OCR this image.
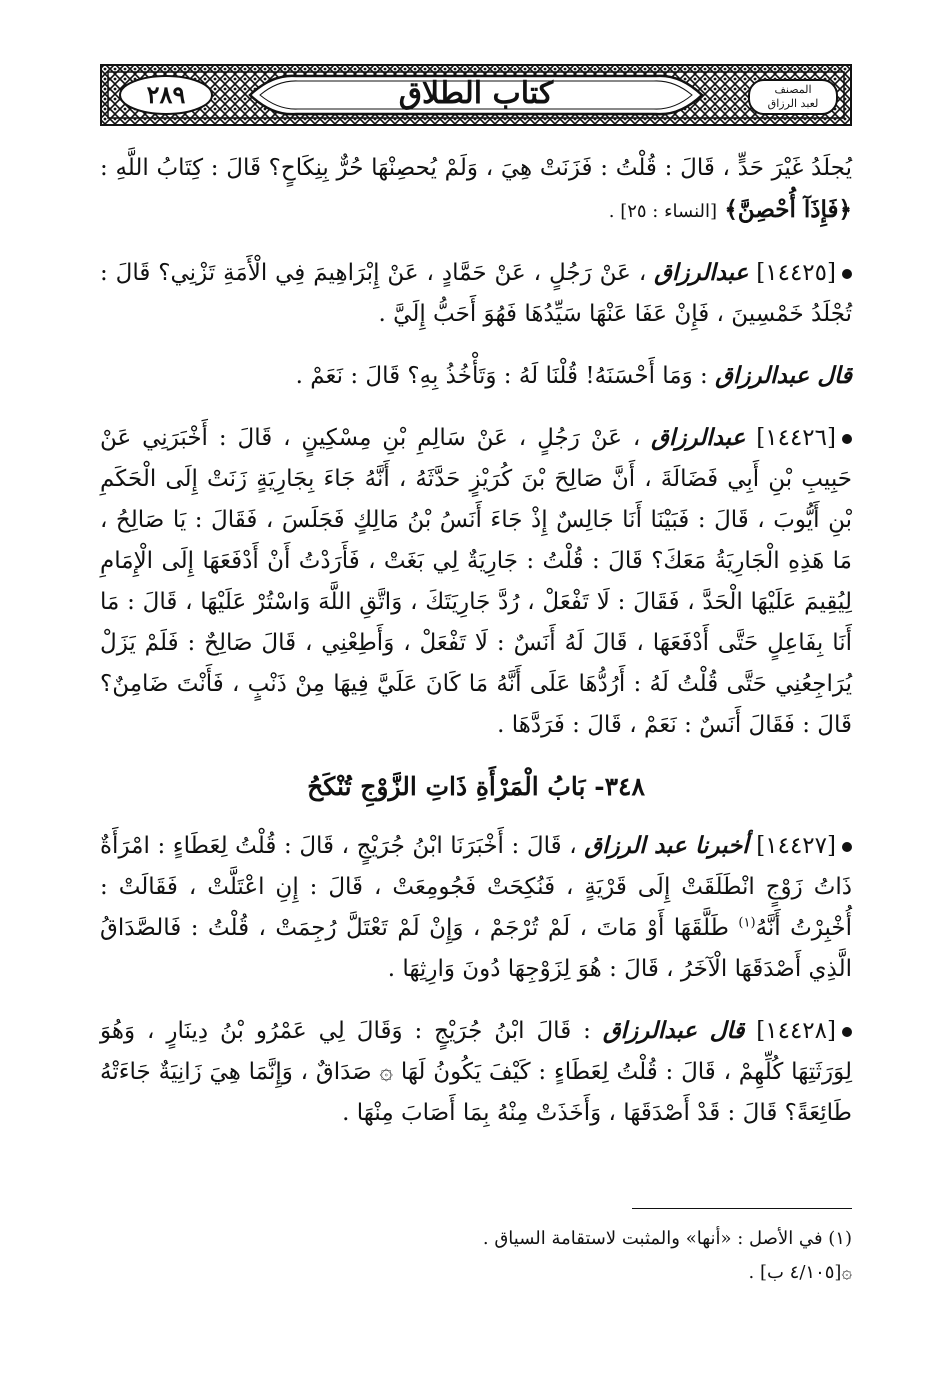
٢٨٩	كتاب الطلاق	المصنف
لعبد الرزاق

يُجلَدُ غَيْرَ حَدٍّ ، قَالَ : قُلْتُ : فَزَنَتْ هِيَ ، وَلَمْ يُحصِنْهَا حُرٌّ بِنِكَاحٍ؟ قَالَ : كِتَابُ اللَّهِ : ﴿فَإِذَآ أُحْصِنَّ﴾ [النساء : ٢٥] .

[١٤٤٢٥] عبدالرزاق ، عَنْ رَجُلٍ ، عَنْ حَمَّادٍ ، عَنْ إِبْرَاهِيمَ فِي الْأَمَةِ تَزْنِي؟ قَالَ : تُجْلَدُ خَمْسِينَ ، فَإِنْ عَفَا عَنْهَا سَيِّدُهَا فَهُوَ أَحَبُّ إِلَيَّ .

قال عبدالرزاق : وَمَا أَحْسَنَهُ! قُلْنَا لَهُ : وَتَأْخُذُ بِهِ؟ قَالَ : نَعَمْ .

[١٤٤٢٦] عبدالرزاق ، عَنْ رَجُلٍ ، عَنْ سَالِمِ بْنِ مِسْكِينٍ ، قَالَ : أَخْبَرَنِي عَنْ حَبِيبِ بْنِ أَبِي فَضَالَةَ ، أَنَّ صَالِحَ بْنَ كُرَيْزٍ حَدَّثَهُ ، أَنَّهُ جَاءَ بِجَارِيَةٍ زَنَتْ إِلَى الْحَكَمِ بْنِ أَيُّوبَ ، قَالَ : فَبَيْنَا أَنَا جَالِسٌ إِذْ جَاءَ أَنَسُ بْنُ مَالِكٍ فَجَلَسَ ، فَقَالَ : يَا صَالِحُ ، مَا هَذِهِ الْجَارِيَةُ مَعَكَ؟ قَالَ : قُلْتُ : جَارِيَةٌ لِي بَغَتْ ، فَأَرَدْتُ أَنْ أَدْفَعَهَا إِلَى الْإِمَامِ لِيُقِيمَ عَلَيْهَا الْحَدَّ ، فَقَالَ : لَا تَفْعَلْ ، رُدَّ جَارِيَتَكَ ، وَاتَّقِ اللَّهَ وَاسْتُرْ عَلَيْهَا ، قَالَ : مَا أَنَا بِفَاعِلٍ حَتَّى أَدْفَعَهَا ، قَالَ لَهُ أَنَسٌ : لَا تَفْعَلْ ، وَأَطِعْنِي ، قَالَ صَالِحٌ : فَلَمْ يَزَلْ يُرَاجِعُنِي حَتَّى قُلْتُ لَهُ : أَرُدُّهَا عَلَى أَنَّهُ مَا كَانَ عَلَيَّ فِيهَا مِنْ ذَنْبٍ ، فَأَنْتَ ضَامِنٌ؟ قَالَ : فَقَالَ أَنَسٌ : نَعَمْ ، قَالَ : فَرَدَّهَا .

٣٤٨- بَابُ الْمَرْأَةِ ذَاتِ الزَّوْجِ تُنْكَحُ

[١٤٤٢٧] أخبرنا عبد الرزاق ، قَالَ : أَخْبَرَنَا ابْنُ جُرَيْجٍ ، قَالَ : قُلْتُ لِعَطَاءٍ : امْرَأَةٌ ذَاتُ زَوْجٍ انْطَلَقَتْ إِلَى قَرْيَةٍ ، فَنُكِحَتْ فَجُومِعَتْ ، قَالَ : إِنِ اعْتَلَّتْ ، فَقَالَتْ : أُخْبِرْتُ أَنَّهُ$^{(١)}$ طَلَّقَهَا أَوْ مَاتَ ، لَمْ تُرْجَمْ ، وَإِنْ لَمْ تَعْتَلَّ رُجِمَتْ ، قُلْتُ : فَالصَّدَاقُ الَّذِي أَصْدَقَهَا الْآخَرُ ، قَالَ : هُوَ لِزَوْجِهَا دُونَ وَارِثِهَا .

[١٤٤٢٨] قال عبدالرزاق : قَالَ ابْنُ جُرَيْجٍ : وَقَالَ لِي عَمْرُو بْنُ دِينَارٍ ، وَهُوَ لِوَرَثَتِهَا كُلِّهِمْ ، قَالَ : قُلْتُ لِعَطَاءٍ : كَيْفَ يَكُونُ لَهَا ۞ صَدَاقٌ ، وَإِنَّمَا هِيَ زَانِيَةٌ جَاءَتْهُ طَائِعَةً؟ قَالَ : قَدْ أَصْدَقَهَا ، وَأَخَذَتْ مِنْهُ بِمَا أَصَابَ مِنْهَا .

(١) في الأصل : «أنها» والمثبت لاستقامة السياق .
۞[٤/١٠٥ ب] .
